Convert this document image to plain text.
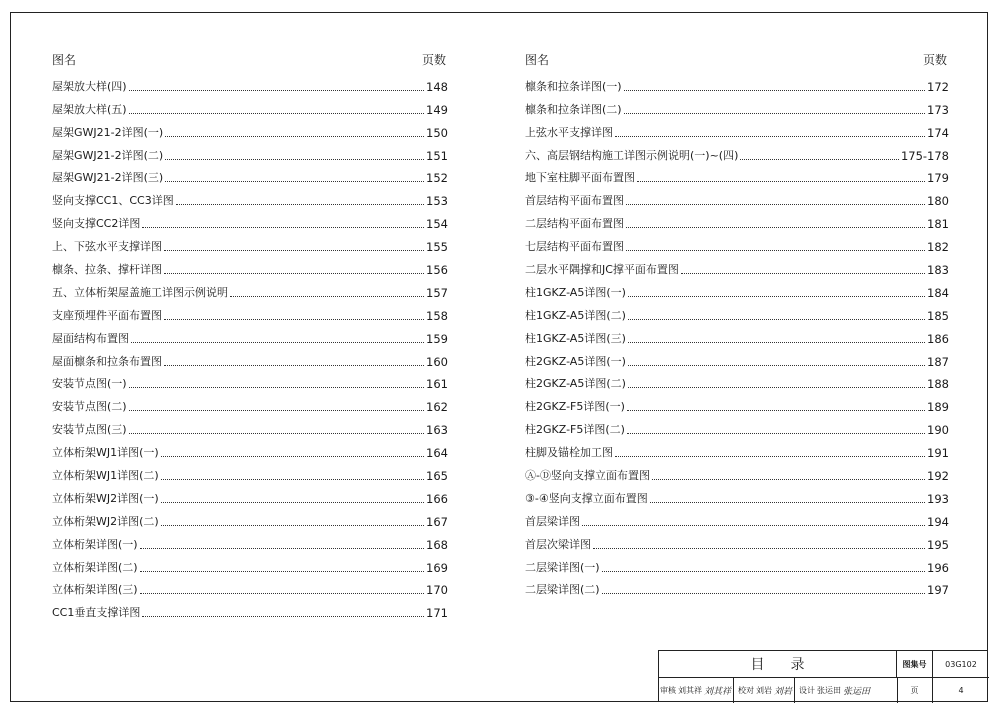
图名	页数
屋架放大样(四)	148
屋架放大样(五)	149
屋架GWJ21-2详图(一)	150
屋架GWJ21-2详图(二)	151
屋架GWJ21-2详图(三)	152
竖向支撑CC1、CC3详图	153
竖向支撑CC2详图	154
上、下弦水平支撑详图	155
檩条、拉条、撑杆详图	156
五、立体桁架屋盖施工详图示例说明	157
支座预埋件平面布置图	158
屋面结构布置图	159
屋面檩条和拉条布置图	160
安装节点图(一)	161
安装节点图(二)	162
安装节点图(三)	163
立体桁架WJ1详图(一)	164
立体桁架WJ1详图(二)	165
立体桁架WJ2详图(一)	166
立体桁架WJ2详图(二)	167
立体桁架详图(一)	168
立体桁架详图(二)	169
立体桁架详图(三)	170
CC1垂直支撑详图	171
图名	页数
檩条和拉条详图(一)	172
檩条和拉条详图(二)	173
上弦水平支撑详图	174
六、高层钢结构施工详图示例说明(一)~(四)	175-178
地下室柱脚平面布置图	179
首层结构平面布置图	180
二层结构平面布置图	181
七层结构平面布置图	182
二层水平隅撑和JC撑平面布置图	183
柱1GKZ-A5详图(一)	184
柱1GKZ-A5详图(二)	185
柱1GKZ-A5详图(三)	186
柱2GKZ-A5详图(一)	187
柱2GKZ-A5详图(二)	188
柱2GKZ-F5详图(一)	189
柱2GKZ-F5详图(二)	190
柱脚及锚栓加工图	191
Ⓐ-Ⓓ竖向支撑立面布置图	192
③-④竖向支撑立面布置图	193
首层梁详图	194
首层次梁详图	195
二层梁详图(一)	196
二层梁详图(二)	197
目录	图集号	03G102
审核 刘其祥 刘其祥 校对 刘岩 刘岩 设计 张运田 张运田	页	4
